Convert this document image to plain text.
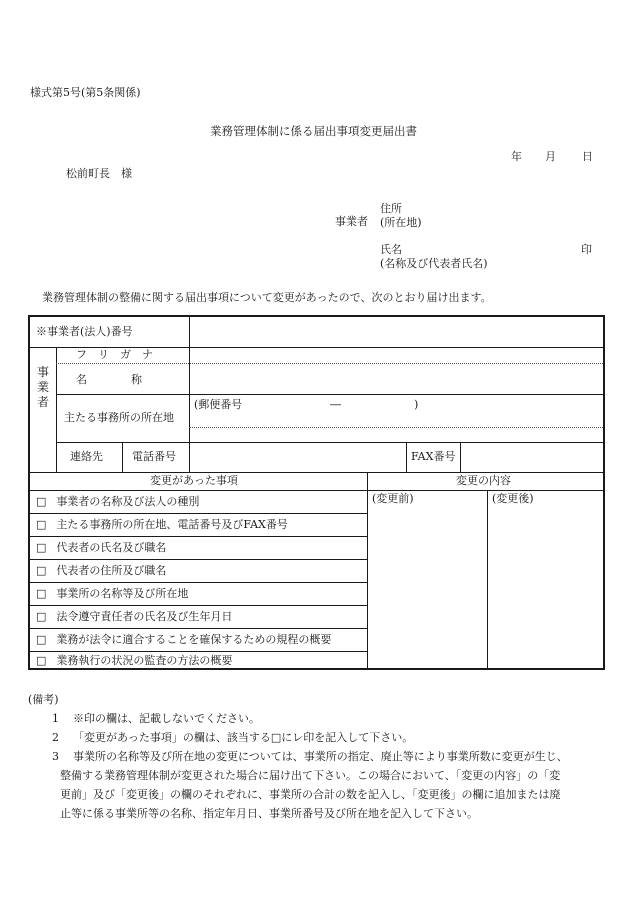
様式第5号(第5条関係)
業務管理体制に係る届出事項変更届出書
年 月 日
松前町長　様
事業者
住所
(所在地)
氏名
(名称及び代表者氏名)
印
業務管理体制の整備に関する届出事項について変更があったので、次のとおり届け出ます。
※事業者(法人)番号
事
業
者
フ　リ　ガ　ナ
名　　　　称
主たる事務所の所在地
(郵便番号	―	)
連絡先	電話番号	FAX番号
変更があった事項	変更の内容
(変更前)	(変更後)
□ 事業者の名称及び法人の種別
□ 主たる事務所の所在地、電話番号及びFAX番号
□ 代表者の氏名及び職名
□ 代表者の住所及び職名
□ 事業所の名称等及び所在地
□ 法令遵守責任者の氏名及び生年月日
□ 業務が法令に適合することを確保するための規程の概要
□ 業務執行の状況の監査の方法の概要
(備考)
1 ※印の欄は、記載しないでください。
2 「変更があった事項」の欄は、該当する□にレ印を記入して下さい。
3 事業所の名称等及び所在地の変更については、事業所の指定、廃止等により事業所数に変更が生じ、
整備する業務管理体制が変更された場合に届け出て下さい。この場合において、「変更の内容」の「変
更前」及び「変更後」の欄のそれぞれに、事業所の合計の数を記入し、「変更後」の欄に追加または廃
止等に係る事業所等の名称、指定年月日、事業所番号及び所在地を記入して下さい。
